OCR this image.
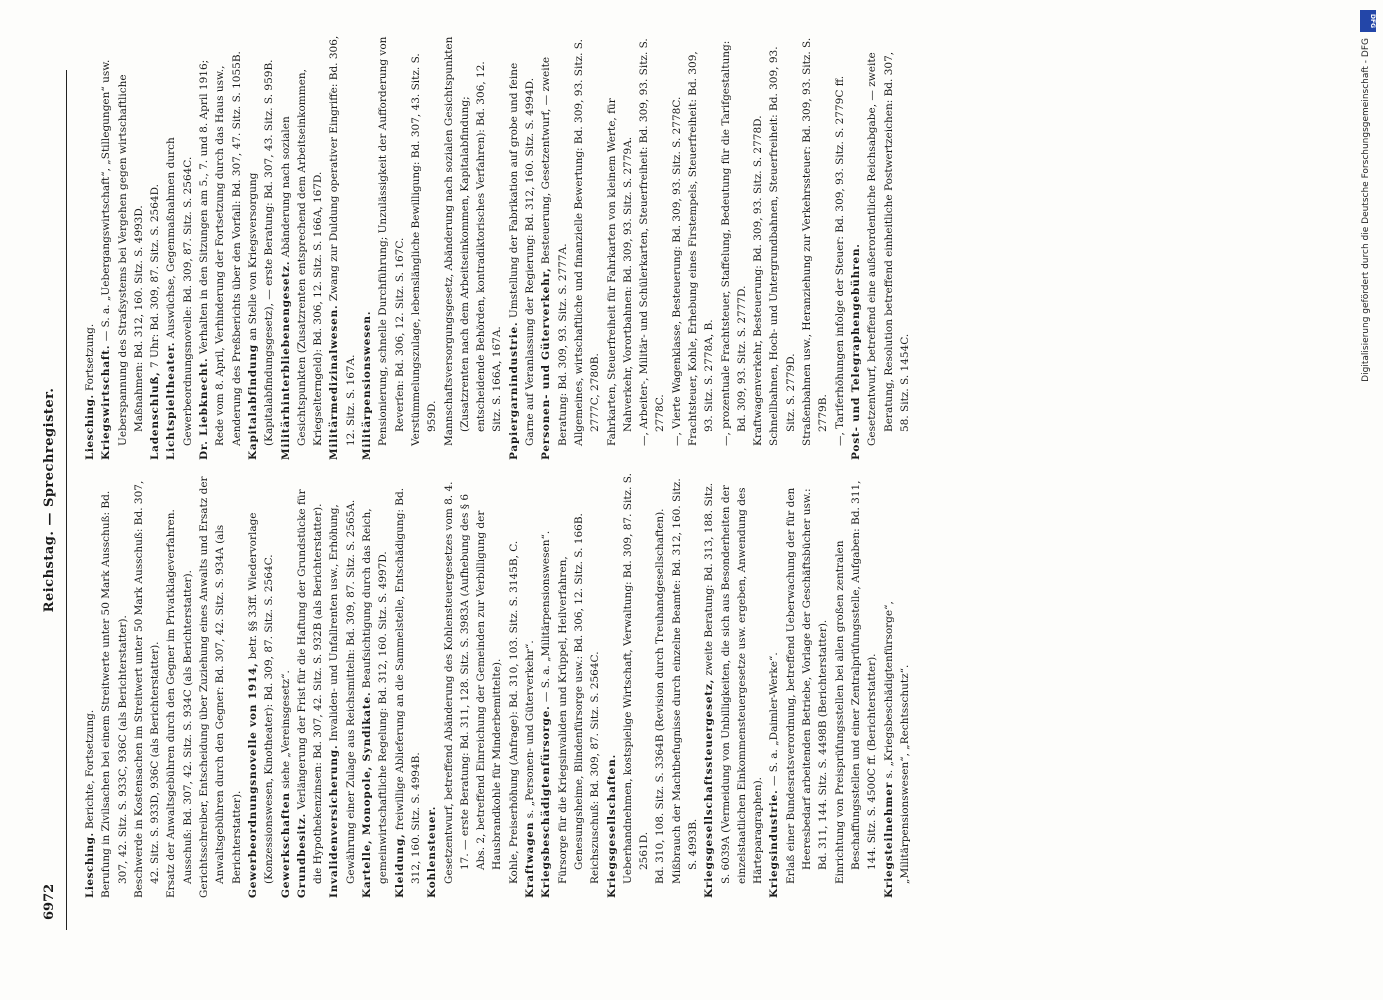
6972
Reichstag. — Sprechregister.

Liesching. Berichte, Fortsetzung. Berufung in Zivilsachen bei einem Streitwerte unter 50 Mark Ausschuß: Bd. 307, 42. Sitz. S. 933C, 936C (als Berichterstatter). Beschwerde in Kostensachen im Streitwert unter 50 Mark Ausschuß: Bd. 307, 42. Sitz. S. 933D, 936C (als Berichterstatter). Ersatz der Anwaltsgebühren durch den Gegner im Privatklageverfahren. Ausschuß: Bd. 307, 42. Sitz. S. 934C (als Berichterstatter). Gerichtsschreiber, Entscheidung über Zuziehung eines Anwalts und Ersatz der Anwaltsgebühren durch den Gegner: Bd. 307, 42. Sitz. S. 934A (als Berichterstatter). Gewerbeordnungsnovelle von 1914, betr. §§ 33ff. Wiedervorlage (Konzessionswesen, Kinotheater): Bd. 309, 87. Sitz. S. 2564C. Gewerkschaften siehe „Vereinsgesetz“.

Grundbesitz. Verlängerung der Frist für die Haftung der Grundstücke für die Hypothekenzinsen: Bd. 307, 42. Sitz. S. 932B (als Berichterstatter). Invalidenversicherung. Invaliden- und Unfallrenten usw., Erhöhung, Gewährung einer Zulage aus Reichsmitteln: Bd. 309, 87. Sitz. S. 2565A. Kartelle, Monopole, Syndikate. Beaufsichtigung durch das Reich, gemeinwirtschaftliche Regelung: Bd. 312, 160. Sitz. S. 4997D. Kleidung, freiwillige Ablieferung an die Sammelstelle, Entschädigung: Bd. 312, 160. Sitz. S. 4994B. Kohlensteuer. Gesetzentwurf, betreffend Abänderung des Kohlensteuergesetzes vom 8. 4. 17. — erste Beratung: Bd. 311, 128. Sitz. S. 3983A (Aufhebung des § 6 Abs. 2, betreffend Einreichung der Gemeinden zur Verbilligung der Hausbrandkohle für Minderbemittelte). Kohle, Preiserhöhung (Anfrage): Bd. 310, 103. Sitz. S. 3145B, C. Kraftwagen s. „Personen- und Güterverkehr“. Kriegsbeschädigtenfürsorge. — S. a. „Militärpensionswesen“. Fürsorge für die Kriegsinvaliden und Krüppel, Heilverfahren, Genesungsheime, Blindenfürsorge usw.: Bd. 306, 12. Sitz. S. 166B. Reichszuschuß: Bd. 309, 87. Sitz. S. 2564C. Kriegsgesellschaften. Ueberhandnehmen, kostspielige Wirtschaft, Verwaltung: Bd. 309, 87. Sitz. S. 2561D. Bd. 310, 108. Sitz. S. 3364B (Revision durch Treuhandgesellschaften). Mißbrauch der Machtbefugnisse durch einzelne Beamte: Bd. 312, 160. Sitz. S. 4993B. Kriegsgesellschaftssteuergesetz, zweite Beratung: Bd. 313, 188. Sitz. S. 6039A (Vermeidung von Unbilligkeiten, die sich aus Besonderheiten der einzelstaatlichen Einkommensteuergesetze usw. ergeben, Anwendung des Härteparagraphen). Kriegsindustrie. — S. a. „Daimler-Werke“. Erlaß einer Bundesratsverordnung, betreffend Ueberwachung der für den Heeresbedarf arbeitenden Betriebe, Vorlage der Geschäftsbücher usw.: Bd. 311, 144. Sitz. S. 4498B (Berichterstatter). Einrichtung von Preisprüfungsstellen bei allen großen zentralen Beschaffungsstellen und einer Zentralprüfungsstelle, Aufgaben: Bd. 311, 144. Sitz. S. 4500C ff. (Berichterstatter). Kriegsteilnehmer s. „Kriegsbeschädigtenfürsorge“, „Militärpensionswesen“, „Rechtsschutz“.

Liesching. Fortsetzung. Kriegswirtschaft. — S. a. „Uebergangswirtschaft“, „Stillegungen“ usw. Ueberspannung des Strafsystems bei Vergehen gegen wirtschaftliche Maßnahmen: Bd. 312, 160. Sitz. S. 4993D. Ladenschluß, 7 Uhr: Bd. 309, 87. Sitz. S. 2564D.

Lichtspieltheater. Auswüchse, Gegenmaßnahmen durch Gewerbeordnungsnovelle: Bd. 309, 87. Sitz. S. 2564C. Dr. Liebknecht. Verhalten in den Sitzungen am 5., 7. und 8. April 1916; Rede vom 8. April, Verhinderung der Fortsetzung durch das Haus usw., Aenderung des Preßberichts über den Vorfall: Bd. 307, 47. Sitz. S. 1055B. Kapitalabfindung an Stelle von Kriegsversorgung (Kapitalabfindungsgesetz), — erste Beratung: Bd. 307, 43. Sitz. S. 959B. Militärhinterbliebenengesetz. Abänderung nach sozialen Gesichtspunkten (Zusatzrenten entsprechend dem Arbeitseinkommen, Kriegselterngeld): Bd. 306, 12. Sitz. S. 166A, 167D. Militärmedizinalwesen. Zwang zur Duldung operativer Eingriffe: Bd. 306, 12. Sitz. S. 167A. Militärpensionswesen. Pensionierung, schnelle Durchführung; Unzulässigkeit der Aufforderung von Reverſen: Bd. 306, 12. Sitz. S. 167C. Verstümmelungszulage, lebenslängliche Bewilligung: Bd. 307, 43. Sitz. S. 959D. Mannschaftsversorgungsgesetz, Abänderung nach sozialen Gesichtspunkten (Zusatzrenten nach dem Arbeitseinkommen, Kapitalabfindung; entscheidende Behörden, kontradiktorisches Verfahren): Bd. 306, 12. Sitz. S. 166A, 167A. Papiergarnindustrie. Umstellung der Fabrikation auf grobe und feine Garne auf Veranlassung der Regierung: Bd. 312, 160. Sitz. S. 4994D. Personen- und Güterverkehr, Besteuerung, Gesetzentwurf, — zweite Beratung: Bd. 309, 93. Sitz. S. 2777A. Allgemeines, wirtschaftliche und finanzielle Bewertung: Bd. 309, 93. Sitz. S. 2777C, 2780B. Fahrkarten, Steuerfreiheit für Fahrkarten von kleinem Werte, für Nahverkehr, Vorortbahnen: Bd. 309, 93. Sitz. S. 2779A. —, Arbeiter-, Militär- und Schülerkarten, Steuerfreiheit: Bd. 309, 93. Sitz. S. 2778C. —, Vierte Wagenklasse, Besteuerung: Bd. 309, 93. Sitz. S. 2778C. Frachtsteuer, Kohle, Erhebung eines Firstempels, Steuerfreiheit: Bd. 309, 93. Sitz. S. 2778A, B. —, prozentuale Frachtsteuer, Staffelung, Bedeutung für die Tarifgestaltung: Bd. 309, 93. Sitz. S. 2777D. Kraftwagenverkehr, Besteuerung: Bd. 309, 93. Sitz. S. 2778D. Schnellbahnen, Hoch- und Untergrundbahnen, Steuerfreiheit: Bd. 309, 93. Sitz. S. 2779D. Straßenbahnen usw., Heranziehung zur Verkehrssteuer: Bd. 309, 93. Sitz. S. 2779B. —, Tariferhöhungen infolge der Steuer: Bd. 309, 93. Sitz. S. 2779C ff. Post- und Telegraphengebühren. Gesetzentwurf, betreffend eine außerordentliche Reichsabgabe, — zweite Beratung, Resolution betreffend einheitliche Postwertzeichen: Bd. 307, 58. Sitz. S. 1454C.

DFG
Digitalisierung gefördert durch die Deutsche Forschungsgemeinschaft - DFG
